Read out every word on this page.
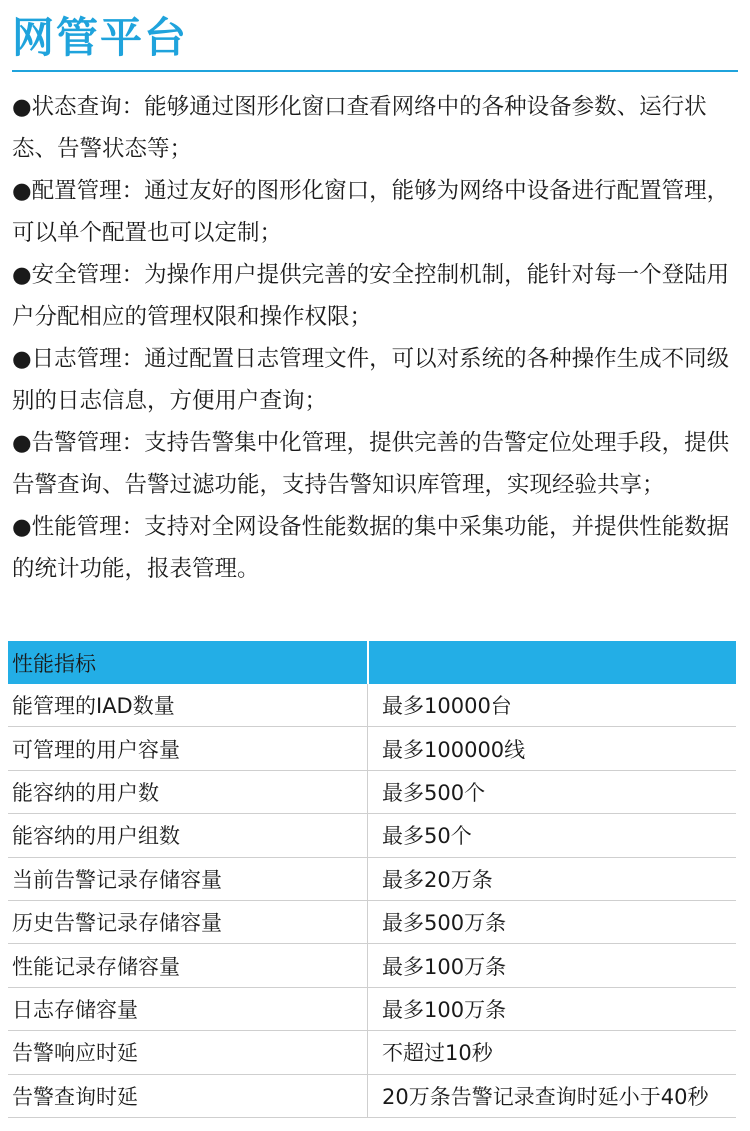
网管平台
●状态查询：能够通过图形化窗口查看网络中的各种设备参数、运行状态、告警状态等；
●配置管理：通过友好的图形化窗口，能够为网络中设备进行配置管理，可以单个配置也可以定制；
●安全管理：为操作用户提供完善的安全控制机制，能针对每一个登陆用户分配相应的管理权限和操作权限；
●日志管理：通过配置日志管理文件，可以对系统的各种操作生成不同级别的日志信息，方便用户查询；
●告警管理：支持告警集中化管理，提供完善的告警定位处理手段，提供告警查询、告警过滤功能，支持告警知识库管理，实现经验共享；
●性能管理：支持对全网设备性能数据的集中采集功能，并提供性能数据的统计功能，报表管理。
性能指标	
能管理的IAD数量	最多10000台
可管理的用户容量	最多100000线
能容纳的用户数	最多500个
能容纳的用户组数	最多50个
当前告警记录存储容量	最多20万条
历史告警记录存储容量	最多500万条
性能记录存储容量	最多100万条
日志存储容量	最多100万条
告警响应时延	不超过10秒
告警查询时延	20万条告警记录查询时延小于40秒
